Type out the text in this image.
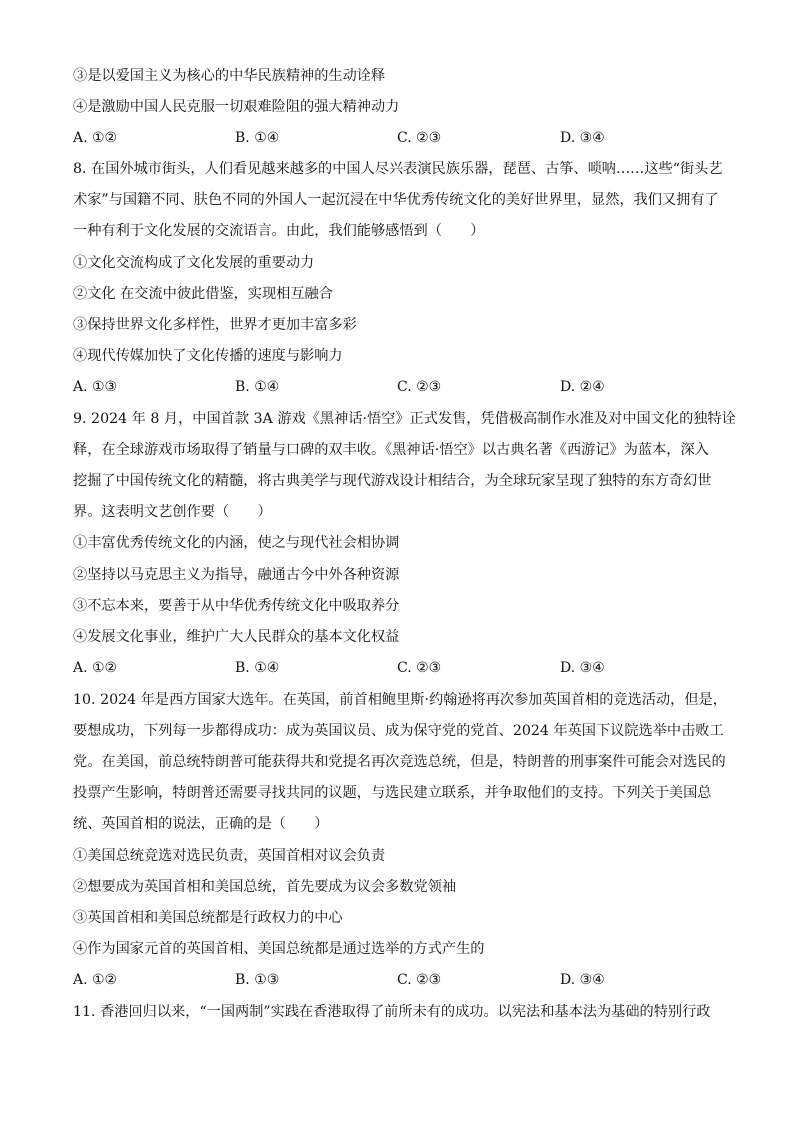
③是以爱国主义为核心的中华民族精神的生动诠释
④是激励中国人民克服一切艰难险阻的强大精神动力
A. ①②	B. ①④	C. ②③	D. ③④
8. 在国外城市街头，人们看见越来越多的中国人尽兴表演民族乐器，琵琶、古筝、唢呐……这些“街头艺
术家”与国籍不同、肤色不同的外国人一起沉浸在中华优秀传统文化的美好世界里，显然，我们又拥有了
一种有利于文化发展的交流语言。由此，我们能够感悟到（　　）
①文化交流构成了文化发展的重要动力
②文化 在交流中彼此借鉴，实现相互融合
③保持世界文化多样性，世界才更加丰富多彩
④现代传媒加快了文化传播的速度与影响力
A. ①③	B. ①④	C. ②③	D. ②④
9. 2024 年 8 月，中国首款 3A 游戏《黑神话·悟空》正式发售，凭借极高制作水准及对中国文化的独特诠
释，在全球游戏市场取得了销量与口碑的双丰收。《黑神话·悟空》以古典名著《西游记》为蓝本，深入
挖掘了中国传统文化的精髓，将古典美学与现代游戏设计相结合，为全球玩家呈现了独特的东方奇幻世
界。这表明文艺创作要（　　）
①丰富优秀传统文化的内涵，使之与现代社会相协调
②坚持以马克思主义为指导，融通古今中外各种资源
③不忘本来，要善于从中华优秀传统文化中吸取养分
④发展文化事业，维护广大人民群众的基本文化权益
A. ①②	B. ①④	C. ②③	D. ③④
10. 2024 年是西方国家大选年。在英国，前首相鲍里斯·约翰逊将再次参加英国首相的竞选活动，但是，
要想成功，下列每一步都得成功：成为英国议员、成为保守党的党首、2024 年英国下议院选举中击败工
党。在美国，前总统特朗普可能获得共和党提名再次竞选总统，但是，特朗普的刑事案件可能会对选民的
投票产生影响，特朗普还需要寻找共同的议题，与选民建立联系，并争取他们的支持。下列关于美国总
统、英国首相的说法，正确的是（　　）
①美国总统竞选对选民负责，英国首相对议会负责
②想要成为英国首相和美国总统，首先要成为议会多数党领袖
③英国首相和美国总统都是行政权力的中心
④作为国家元首的英国首相、美国总统都是通过选举的方式产生的
A. ①②	B. ①③	C. ②③	D. ③④
11. 香港回归以来，“一国两制”实践在香港取得了前所未有的成功。以宪法和基本法为基础的特别行政
